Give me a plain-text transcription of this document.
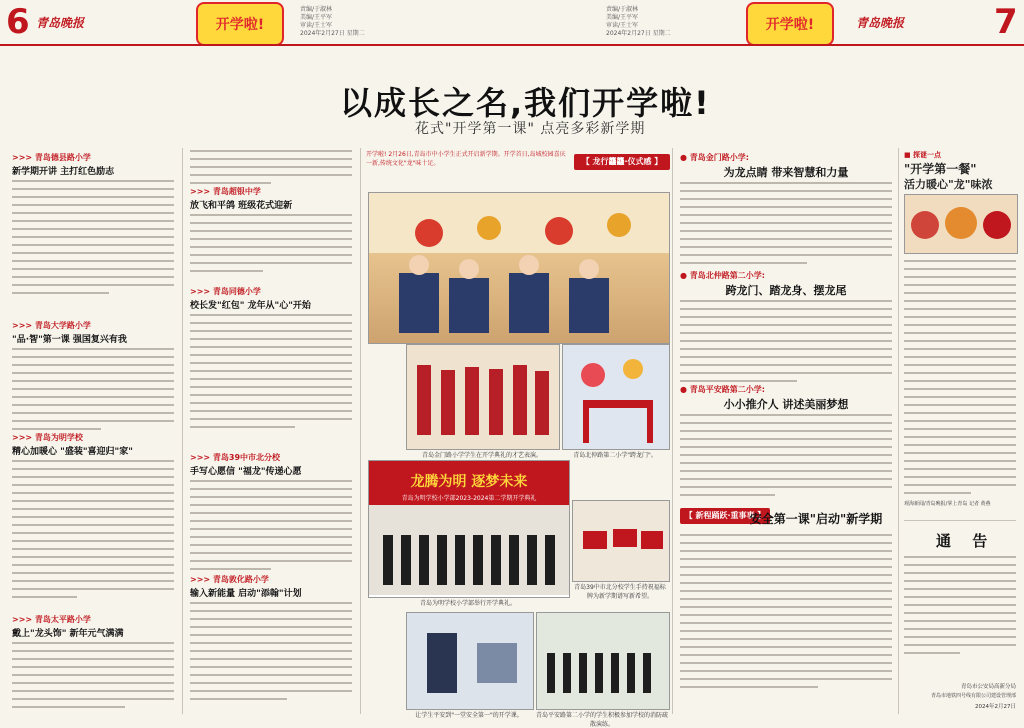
6 青岛晚报	开学啦!
责编/于淑林
美编/王平军
审读/王士军
2024年2月27日 星期二
责编/于淑林
美编/王平军
审读/王士军
2024年2月27日 星期二
开学啦!	青岛晚报	7
以成长之名,我们开学啦!
花式"开学第一课" 点亮多彩新学期
>>> 青岛德县路小学
新学期开讲 主打红色励志
>>> 青岛大学路小学
"品·智"第一课 强国复兴有我
>>> 青岛为明学校
精心加暖心 "盛装"喜迎归"家"
>>> 青岛太平路小学
戴上"龙头饰" 新年元气满满
>>> 青岛超银中学
放飞和平鸽 班级花式迎新
>>> 青岛同德小学
校长发"红包" 龙年从"心"开始
>>> 青岛39中市北分校
手写心愿信 "福龙"传递心愿
>>> 青岛敦化路小学
输入新能量 启动"添翰"计划
开学啦! 2月26日,青岛市中小学生正式开启新学期。开学首日,岛城校园喜庆一新,传统文化"龙"味十足。	【 龙行龘龘·仪式感 】
青岛金门路小学学生在开学典礼的才艺表演。	青岛北仲路第二小学"跨龙门"。
龙腾为明 逐梦未来
青岛为明学校小学部2023-2024第二学期开学典礼
青岛为明学校小学部举行开学典礼。
青岛39中市北分校学生手持祝福标牌为新学期谱写新希望。
让学生平安到"一堂安全第一"的开学课。	青岛平安路第二小学的学生积极参加学校的消防疏散演练。
● 青岛金门路小学:
为龙点睛 带来智慧和力量
● 青岛北仲路第二小学:
跨龙门、踏龙身、摆龙尾
● 青岛平安路第二小学:
小小推介人 讲述美丽梦想
【 新程踊跃·重事事 】
安全第一课"启动"新学期
■ 探谜一点
"开学第一餐"
活力暖心"龙"味浓
观海新闻/青岛晚报/掌上青岛 记者 黄燕
通 告
青岛市公安局高新分局
青岛市地铁四号线有限公司建设管理部
2024年2月27日
